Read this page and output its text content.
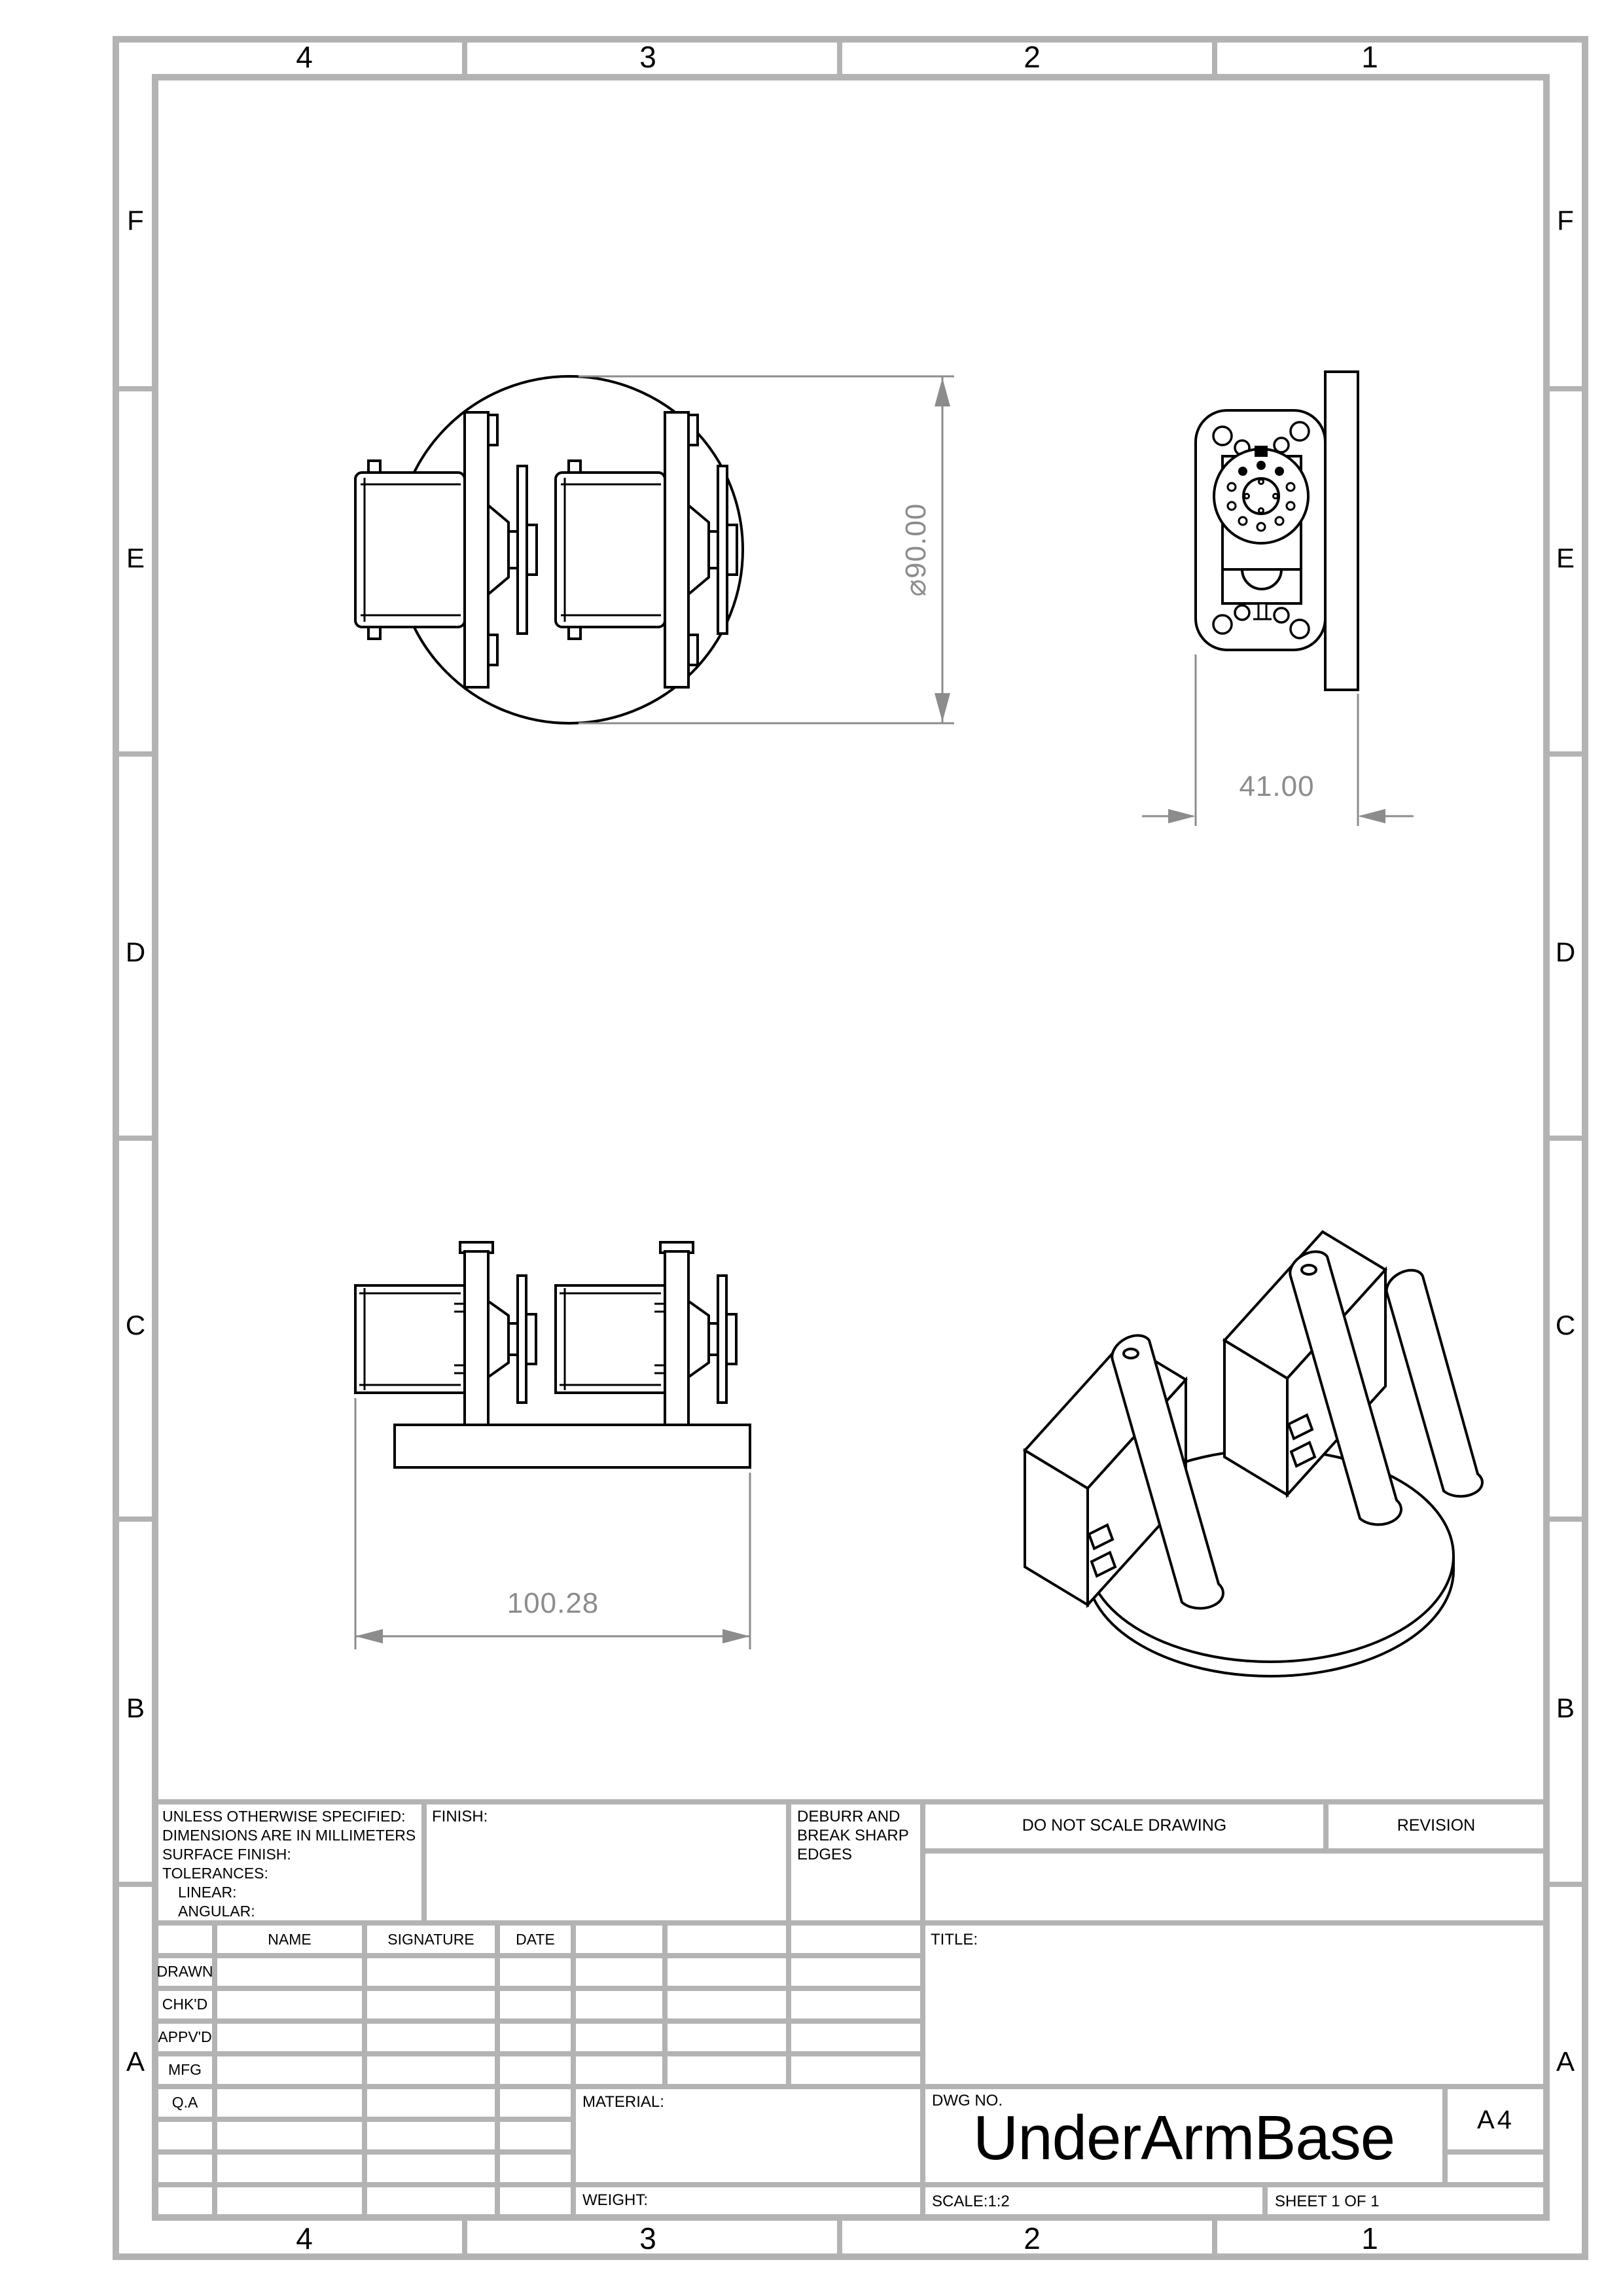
4	3	2	1
4	3	2	1
F
E
D
C
B
A
F
E
D
C
B
A
UNLESS OTHERWISE SPECIFIED:
DIMENSIONS ARE IN MILLIMETERS
SURFACE FINISH:
TOLERANCES:
LINEAR:
ANGULAR:
FINISH:	DEBURR AND
BREAK SHARP
EDGES
DO NOT SCALE DRAWING	REVISION
NAME	SIGNATURE	DATE
DRAWN
CHK'D
APPV'D
MFG
Q.A	MATERIAL:
WEIGHT:
TITLE:
DWG NO.
UnderArmBase	A4
SCALE:1:2	SHEET 1 OF 1
⌀90.00
41.00
100.28
